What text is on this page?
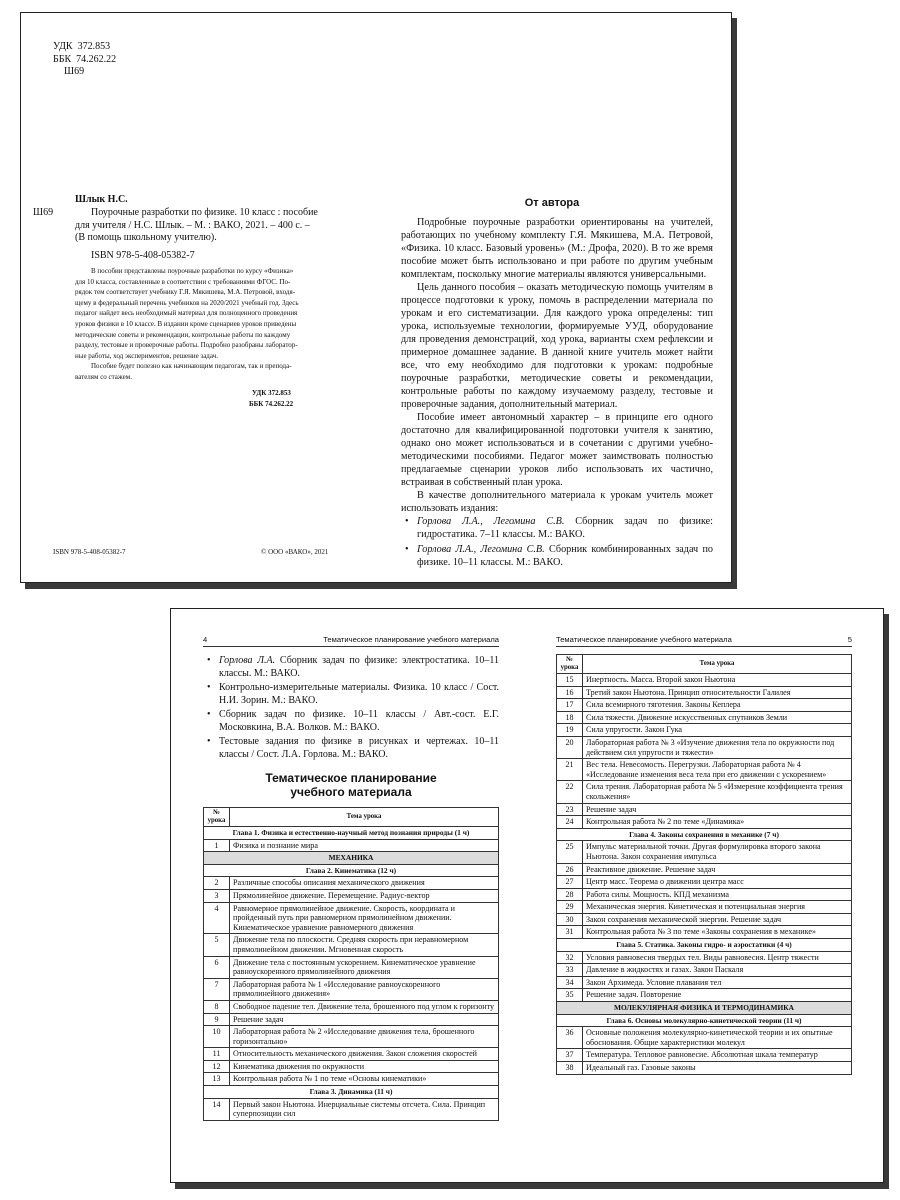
УДК 372.853
ББК 74.262.22
Ш69
Шлык Н.С.
Ш69	Поурочные разработки по физике. 10 класс : пособие
для учителя / Н.С. Шлык. – М. : ВАКО, 2021. – 400 с. –
(В помощь школьному учителю).
ISBN 978-5-408-05382-7
В пособии представлены поурочные разработки по курсу «Физика»
для 10 класса, составленные в соответствии с требованиями ФГОС. По-
рядок тем соответствует учебнику Г.Я. Мякишева, М.А. Петровой, входя-
щему в федеральный перечень учебников на 2020/2021 учебный год. Здесь
педагог найдет весь необходимый материал для полноценного проведения
уроков физики в 10 классе. В издании кроме сценариев уроков приведены
методические советы и рекомендации, контрольные работы по каждому
разделу, тестовые и проверочные работы. Подробно разобраны лаборатор-
ные работы, ход экспериментов, решение задач.
Пособие будет полезно как начинающим педагогам, так и препода-
вателям со стажем.
УДК 372.853
ББК 74.262.22
ISBN 978-5-408-05382-7	© ООО «ВАКО», 2021
От автора

Подробные поурочные разработки ориентированы на учителей, работающих по учебному комплекту Г.Я. Мякишева, М.А. Петровой, «Физика. 10 класс. Базовый уровень» (М.: Дрофа, 2020). В то же время пособие может быть использовано и при работе по другим учебным комплектам, поскольку многие материалы являются универсальными.

Цель данного пособия – оказать методическую помощь учителям в процессе подготовки к уроку, помочь в распределении материала по урокам и его систематизации. Для каждого урока определены: тип урока, используемые технологии, формируемые УУД, оборудование для проведения демонстраций, ход урока, варианты схем рефлексии и примерное домашнее задание. В данной книге учитель может найти все, что ему необходимо для подготовки к урокам: подробные поурочные разработки, методические советы и рекомендации, контрольные работы по каждому изучаемому разделу, тестовые и проверочные задания, дополнительный материал.

Пособие имеет автономный характер – в принципе его одного достаточно для квалифицированной подготовки учителя к занятию, однако оно может использоваться и в сочетании с другими учебно-методическими пособиями. Педагог может заимствовать полностью предлагаемые сценарии уроков либо использовать их частично, встраивая в собственный план урока.

В качестве дополнительного материала к урокам учитель может использовать издания:

• Горлова Л.А., Легомина С.В. Сборник задач по физике: гидростатика. 7–11 классы. М.: ВАКО.
• Горлова Л.А., Легомина С.В. Сборник комбинированных задач по физике. 10–11 классы. М.: ВАКО.
4	Тематическое планирование учебного материала
• Горлова Л.А. Сборник задач по физике: электростатика. 10–11 классы. М.: ВАКО.
• Контрольно-измерительные материалы. Физика. 10 класс / Сост. Н.И. Зорин. М.: ВАКО.
• Сборник задач по физике. 10–11 классы / Авт.-сост. Е.Г. Московкина, В.А. Волков. М.: ВАКО.
• Тестовые задания по физике в рисунках и чертежах. 10–11 классы / Сост. Л.А. Горлова. М.: ВАКО.
Тематическое планирование
учебного материала
№
урока	Тема урока
Глава 1. Физика и естественно-научный метод познания природы (1 ч)	
1	Физика и познание мира
МЕХАНИКА	
Глава 2. Кинематика (12 ч)	
2	Различные способы описания механического движения
3	Прямолинейное движение. Перемещение. Радиус-вектор
4	Равномерное прямолинейное движение. Скорость, координата и пройденный путь при равномерном прямолинейном движении. Кинематическое уравнение равномерного движения
5	Движение тела по плоскости. Средняя скорость при неравномерном прямолинейном движении. Мгновенная скорость
6	Движение тела с постоянным ускорением. Кинематическое уравнение равноускоренного прямолинейного движения
7	Лабораторная работа № 1 «Исследование равноускоренного прямолинейного движения»
8	Свободное падение тел. Движение тела, брошенного под углом к горизонту
9	Решение задач
10	Лабораторная работа № 2 «Исследование движения тела, брошенного горизонтально»
11	Относительность механического движения. Закон сложения скоростей
12	Кинематика движения по окружности
13	Контрольная работа № 1 по теме «Основы кинематики»
Глава 3. Динамика (11 ч)	
14	Первый закон Ньютона. Инерциальные системы отсчета. Сила. Принцип суперпозиции сил
Тематическое планирование учебного материала	5
№
урока	Тема урока
15	Инертность. Масса. Второй закон Ньютона
16	Третий закон Ньютона. Принцип относительности Галилея
17	Сила всемирного тяготения. Законы Кеплера
18	Сила тяжести. Движение искусственных спутников Земли
19	Сила упругости. Закон Гука
20	Лабораторная работа № 3 «Изучение движения тела по окружности под действием сил упругости и тяжести»
21	Вес тела. Невесомость. Перегрузки. Лабораторная работа № 4 «Исследование изменения веса тела при его движении с ускорением»
22	Сила трения. Лабораторная работа № 5 «Измерение коэффициента трения скольжения»
23	Решение задач
24	Контрольная работа № 2 по теме «Динамика»
Глава 4. Законы сохранения в механике (7 ч)	
25	Импульс материальной точки. Другая формулировка второго закона Ньютона. Закон сохранения импульса
26	Реактивное движение. Решение задач
27	Центр масс. Теорема о движении центра масс
28	Работа силы. Мощность. КПД механизма
29	Механическая энергия. Кинетическая и потенциальная энергия
30	Закон сохранения механической энергии. Решение задач
31	Контрольная работа № 3 по теме «Законы сохранения в механике»
Глава 5. Статика. Законы гидро- и аэростатики (4 ч)	
32	Условия равновесия твердых тел. Виды равновесия. Центр тяжести
33	Давление в жидкостях и газах. Закон Паскаля
34	Закон Архимеда. Условие плавания тел
35	Решение задач. Повторение
МОЛЕКУЛЯРНАЯ ФИЗИКА И ТЕРМОДИНАМИКА	
Глава 6. Основы молекулярно-кинетической теории (11 ч)	
36	Основные положения молекулярно-кинетической теории и их опытные обоснования. Общие характеристики молекул
37	Температура. Тепловое равновесие. Абсолютная шкала температур
38	Идеальный газ. Газовые законы
